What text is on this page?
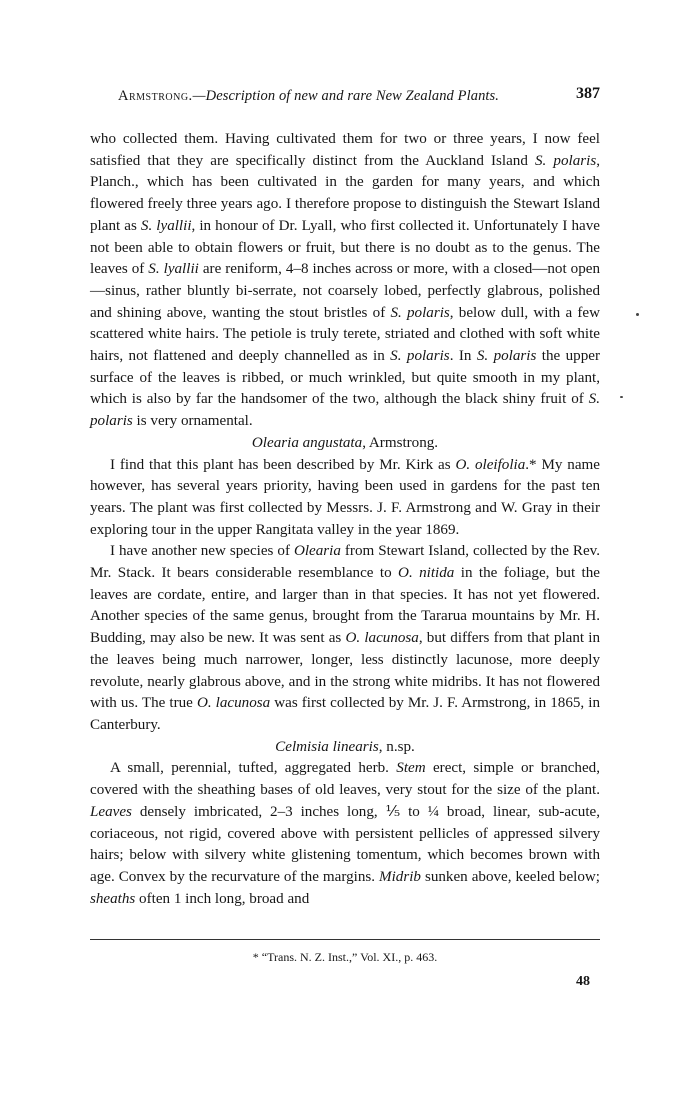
Armstrong.—Description of new and rare New Zealand Plants.	387

who collected them. Having cultivated them for two or three years, I now feel satisfied that they are specifically distinct from the Auckland Island S. polaris, Planch., which has been cultivated in the garden for many years, and which flowered freely three years ago. I therefore propose to distinguish the Stewart Island plant as S. lyallii, in honour of Dr. Lyall, who first collected it. Unfortunately I have not been able to obtain flowers or fruit, but there is no doubt as to the genus. The leaves of S. lyallii are reniform, 4–8 inches across or more, with a closed—not open—sinus, rather bluntly bi-serrate, not coarsely lobed, perfectly glabrous, polished and shining above, wanting the stout bristles of S. polaris, below dull, with a few scattered white hairs. The petiole is truly terete, striated and clothed with soft white hairs, not flattened and deeply channelled as in S. polaris. In S. polaris the upper surface of the leaves is ribbed, or much wrinkled, but quite smooth in my plant, which is also by far the handsomer of the two, although the black shiny fruit of S. polaris is very ornamental.

Olearia angustata, Armstrong.

I find that this plant has been described by Mr. Kirk as O. oleifolia.* My name however, has several years priority, having been used in gardens for the past ten years. The plant was first collected by Messrs. J. F. Armstrong and W. Gray in their exploring tour in the upper Rangitata valley in the year 1869.

I have another new species of Olearia from Stewart Island, collected by the Rev. Mr. Stack. It bears considerable resemblance to O. nitida in the foliage, but the leaves are cordate, entire, and larger than in that species. It has not yet flowered. Another species of the same genus, brought from the Tararua mountains by Mr. H. Budding, may also be new. It was sent as O. lacunosa, but differs from that plant in the leaves being much narrower, longer, less distinctly lacunose, more deeply revolute, nearly glabrous above, and in the strong white midribs. It has not flowered with us. The true O. lacunosa was first collected by Mr. J. F. Armstrong, in 1865, in Canterbury.

Celmisia linearis, n.sp.

A small, perennial, tufted, aggregated herb. Stem erect, simple or branched, covered with the sheathing bases of old leaves, very stout for the size of the plant. Leaves densely imbricated, 2–3 inches long, ⅕ to ¼ broad, linear, sub-acute, coriaceous, not rigid, covered above with persistent pellicles of appressed silvery hairs; below with silvery white glistening tomentum, which becomes brown with age. Convex by the recurvature of the margins. Midrib sunken above, keeled below; sheaths often 1 inch long, broad and

* “Trans. N. Z. Inst.,” Vol. XI., p. 463.
48
